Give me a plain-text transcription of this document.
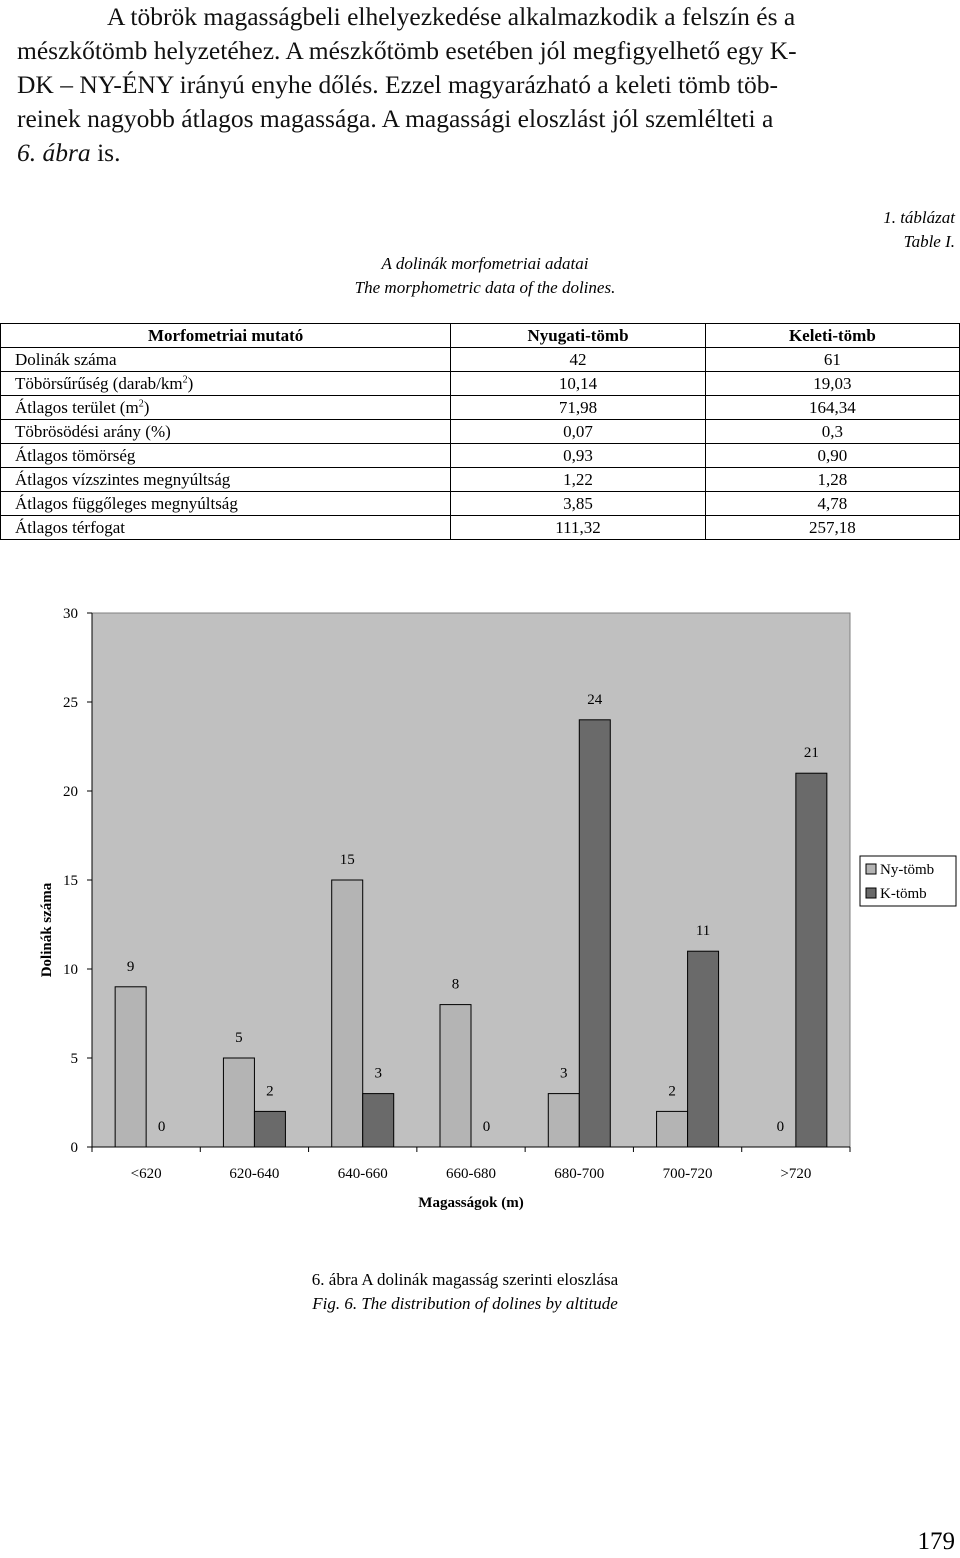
A töbrök magasságbeli elhelyezkedése alkalmazkodik a felszín és a
mészkőtömb helyzetéhez. A mészkőtömb esetében jól megfigyelhető egy K-
DK – NY-ÉNY irányú enyhe dőlés. Ezzel magyarázható a keleti tömb töb-
reinek nagyobb átlagos magassága. A magassági eloszlást jól szemlélteti a
6. ábra is.
1. táblázat
Table I.
A dolinák morfometriai adatai
The morphometric data of the dolines.
Morfometriai mutató	Nyugati-tömb	Keleti-tömb
Dolinák száma	42	61
Töbörsűrűség $(darab/km^2)$	10,14	19,03
Átlagos terület $(m^2)$	71,98	164,34
Töbrösödési arány (%)	0,07	0,3
Átlagos tömörség	0,93	0,90
Átlagos vízszintes megnyúltság	1,22	1,28
Átlagos függőleges megnyúltság	3,85	4,78
Átlagos térfogat	111,32	257,18
0
5
10
15
20
25
30
<620
9
0
620-640
5
2
640-660
15
3
660-680
8
0
680-700
3
24
700-720
2
11
>720
0
21
Dolinák száma
Magasságok (m)
Ny-tömb
K-tömb
6. ábra A dolinák magasság szerinti eloszlása
Fig. 6. The distribution of dolines by altitude
179
